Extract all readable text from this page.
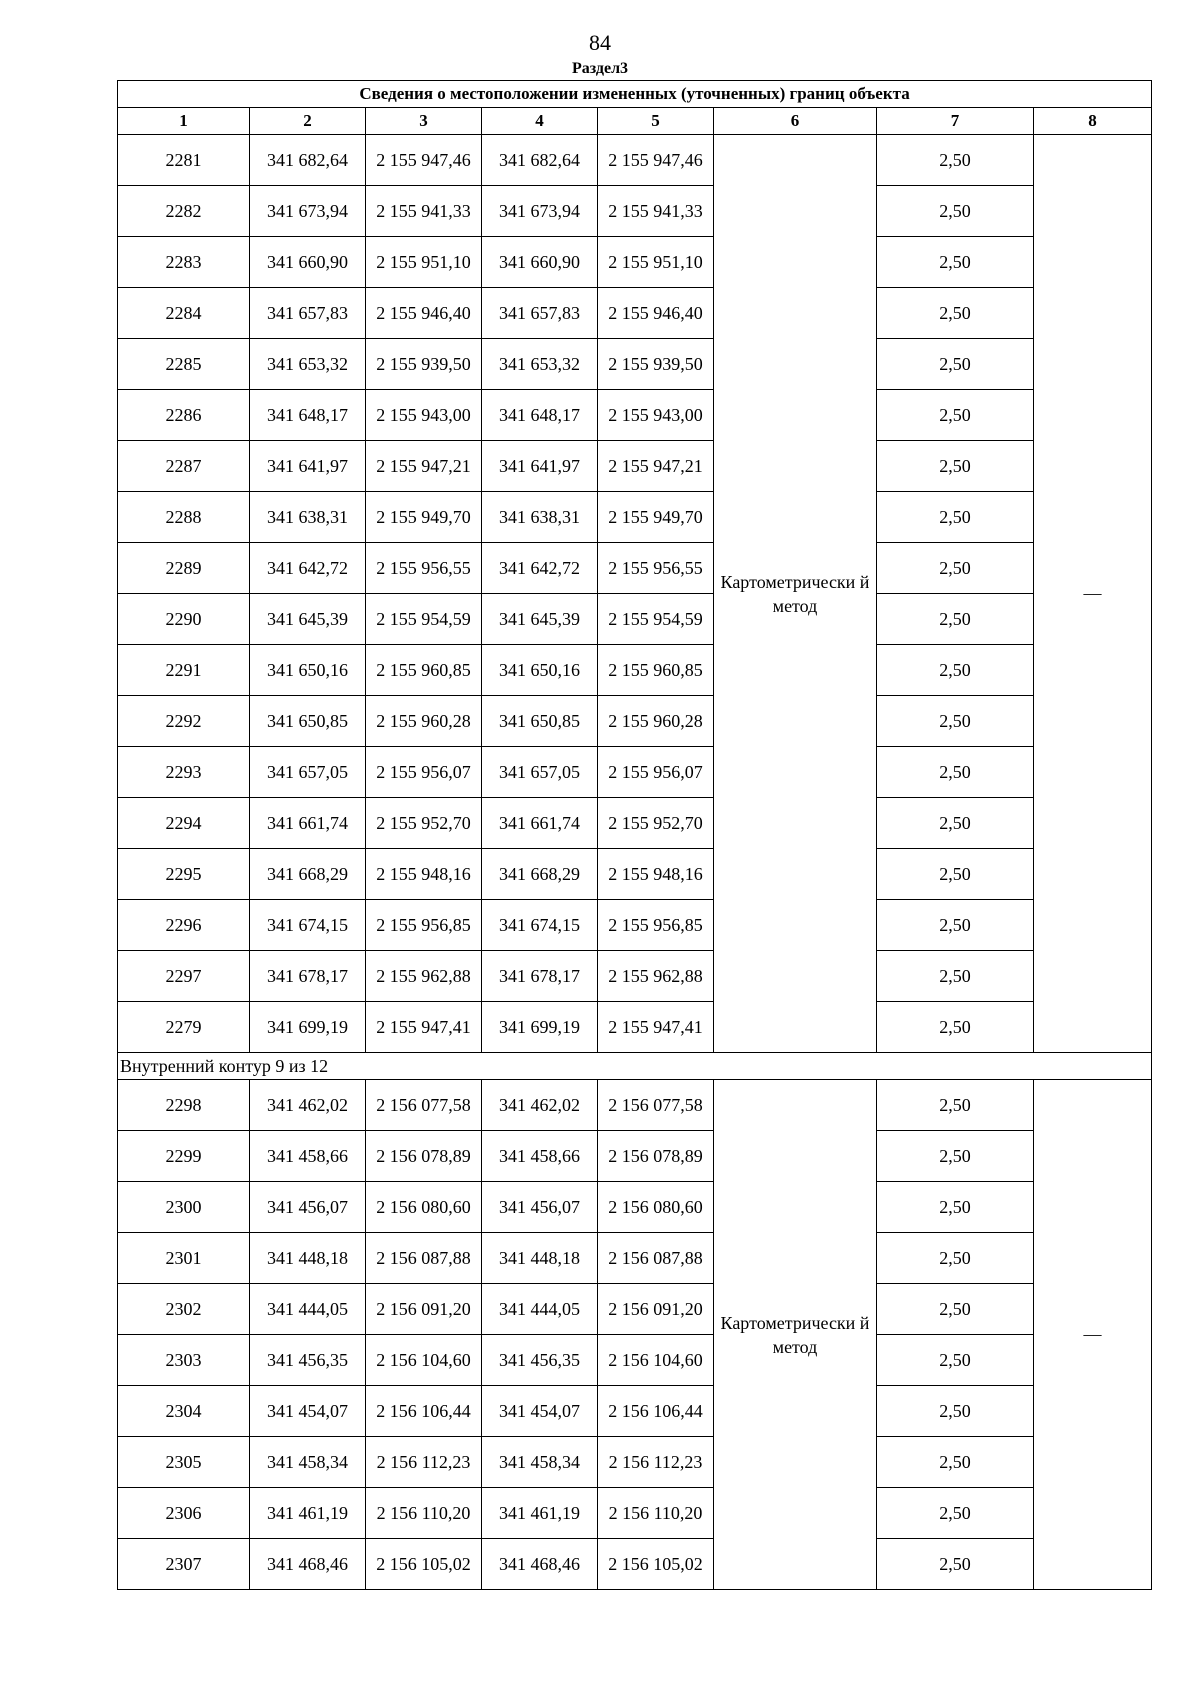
84
Раздел3
Сведения о местоположении измененных (уточненных) границ объекта							
1	2	3	4	5	6	7	8
2281	341 682,64	2 155 947,46	341 682,64	2 155 947,46	Картометрически й метод	2,50	—
2282	341 673,94	2 155 941,33	341 673,94	2 155 941,33		2,50	
2283	341 660,90	2 155 951,10	341 660,90	2 155 951,10		2,50	
2284	341 657,83	2 155 946,40	341 657,83	2 155 946,40		2,50	
2285	341 653,32	2 155 939,50	341 653,32	2 155 939,50		2,50	
2286	341 648,17	2 155 943,00	341 648,17	2 155 943,00		2,50	
2287	341 641,97	2 155 947,21	341 641,97	2 155 947,21		2,50	
2288	341 638,31	2 155 949,70	341 638,31	2 155 949,70		2,50	
2289	341 642,72	2 155 956,55	341 642,72	2 155 956,55		2,50	
2290	341 645,39	2 155 954,59	341 645,39	2 155 954,59		2,50	
2291	341 650,16	2 155 960,85	341 650,16	2 155 960,85		2,50	
2292	341 650,85	2 155 960,28	341 650,85	2 155 960,28		2,50	
2293	341 657,05	2 155 956,07	341 657,05	2 155 956,07		2,50	
2294	341 661,74	2 155 952,70	341 661,74	2 155 952,70		2,50	
2295	341 668,29	2 155 948,16	341 668,29	2 155 948,16		2,50	
2296	341 674,15	2 155 956,85	341 674,15	2 155 956,85		2,50	
2297	341 678,17	2 155 962,88	341 678,17	2 155 962,88		2,50	
2279	341 699,19	2 155 947,41	341 699,19	2 155 947,41		2,50	
Внутренний контур 9 из 12							
2298	341 462,02	2 156 077,58	341 462,02	2 156 077,58	Картометрически й метод	2,50	—
2299	341 458,66	2 156 078,89	341 458,66	2 156 078,89		2,50	
2300	341 456,07	2 156 080,60	341 456,07	2 156 080,60		2,50	
2301	341 448,18	2 156 087,88	341 448,18	2 156 087,88		2,50	
2302	341 444,05	2 156 091,20	341 444,05	2 156 091,20		2,50	
2303	341 456,35	2 156 104,60	341 456,35	2 156 104,60		2,50	
2304	341 454,07	2 156 106,44	341 454,07	2 156 106,44		2,50	
2305	341 458,34	2 156 112,23	341 458,34	2 156 112,23		2,50	
2306	341 461,19	2 156 110,20	341 461,19	2 156 110,20		2,50	
2307	341 468,46	2 156 105,02	341 468,46	2 156 105,02		2,50	
